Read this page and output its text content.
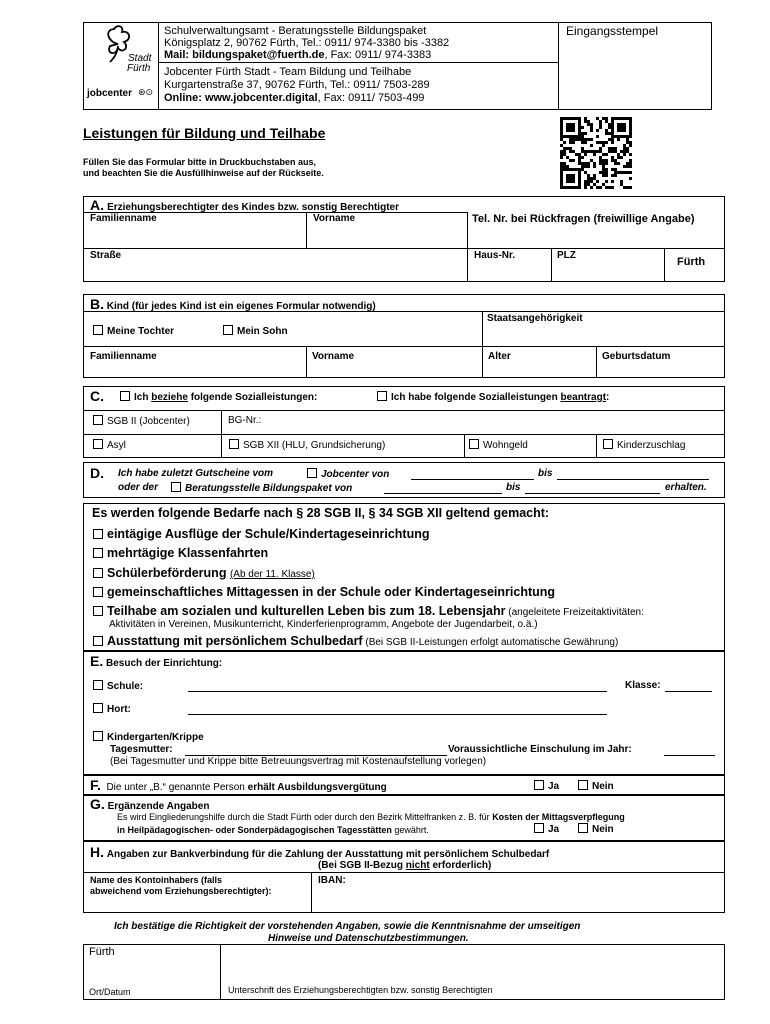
Stadt
Fürth
jobcenter ⊛⊙
Schulverwaltungsamt - Beratungsstelle Bildungspaket
Königsplatz 2, 90762 Fürth, Tel.: 0911/ 974-3380 bis -3382
Mail: bildungspaket@fuerth.de, Fax: 0911/ 974-3383
Jobcenter Fürth Stadt - Team Bildung und Teilhabe
Kurgartenstraße 37, 90762 Fürth, Tel.: 0911/ 7503-289
Online: www.jobcenter.digital, Fax: 0911/ 7503-499
Eingangsstempel
Leistungen für Bildung und Teilhabe
Füllen Sie das Formular bitte in Druckbuchstaben aus,
und beachten Sie die Ausfüllhinweise auf der Rückseite.
A. Erziehungsberechtigter des Kindes bzw. sonstig Berechtigter
Familienname	Vorname	Tel. Nr. bei Rückfragen (freiwillige Angabe)
Straße	Haus-Nr.	PLZ
Fürth
B. Kind (für jedes Kind ist ein eigenes Formular notwendig)
Meine Tochter	Mein Sohn
Staatsangehörigkeit
Familienname	Vorname	Alter	Geburtsdatum
C.	Ich beziehe folgende Sozialleistungen:	Ich habe folgende Sozialleistungen beantragt:
SGB II (Jobcenter)	BG-Nr.:
Asyl	SGB XII (HLU, Grundsicherung)	Wohngeld	Kinderzuschlag
D. Ich habe zuletzt Gutscheine vom	Jobcenter von	bis
oder der	Beratungsstelle Bildungspaket von	bis	erhalten.
Es werden folgende Bedarfe nach § 28 SGB II, § 34 SGB XII geltend gemacht:
eintägige Ausflüge der Schule/Kindertageseinrichtung
mehrtägige Klassenfahrten
Schülerbeförderung (Ab der 11. Klasse)
gemeinschaftliches Mittagessen in der Schule oder Kindertageseinrichtung
Teilhabe am sozialen und kulturellen Leben bis zum 18. Lebensjahr (angeleitete Freizeitaktivitäten:
Aktivitäten in Vereinen, Musikunterricht, Kinderferienprogramm, Angebote der Jugendarbeit, o.ä.)
Ausstattung mit persönlichem Schulbedarf (Bei SGB II-Leistungen erfolgt automatische Gewährung)
E. Besuch der Einrichtung:
Schule:	Klasse:
Hort:
Kindergarten/Krippe
Tagesmutter:	Voraussichtliche Einschulung im Jahr:
(Bei Tagesmutter und Krippe bitte Betreuungsvertrag mit Kostenaufstellung vorlegen)
F. Die unter „B.“ genannte Person erhält Ausbildungsvergütung	Ja	Nein
G. Ergänzende Angaben
Es wird Eingliederungshilfe durch die Stadt Fürth oder durch den Bezirk Mittelfranken z. B. für Kosten der Mittagsverpflegung
in Heilpädagogischen- oder Sonderpädagogischen Tagesstätten gewährt.	Ja	Nein
H. Angaben zur Bankverbindung für die Zahlung der Ausstattung mit persönlichem Schulbedarf
(Bei SGB II-Bezug nicht erforderlich)
Name des Kontoinhabers (falls
abweichend vom Erziehungsberechtigter):
IBAN:
Ich bestätige die Richtigkeit der vorstehenden Angaben, sowie die Kenntnisnahme der umseitigen
Hinweise und Datenschutzbestimmungen.
Fürth
Ort/Datum	Unterschrift des Erziehungsberechtigten bzw. sonstig Berechtigten
